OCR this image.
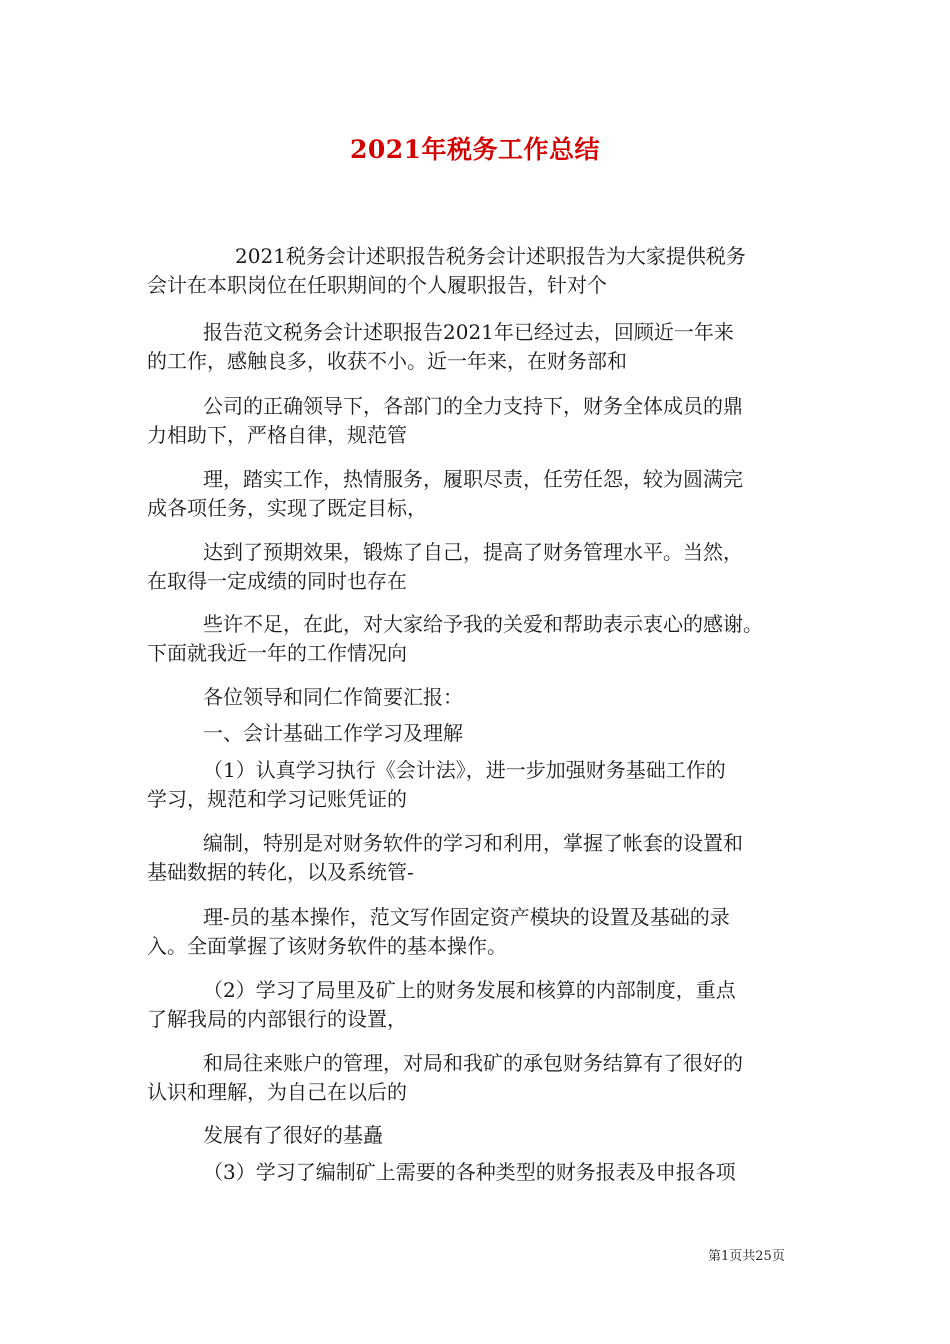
2021年税务工作总结
2021税务会计述职报告税务会计述职报告为大家提供税务
会计在本职岗位在任职期间的个人履职报告，针对个
报告范文税务会计述职报告2021年已经过去，回顾近一年来
的工作，感触良多，收获不小。近一年来，在财务部和
公司的正确领导下，各部门的全力支持下，财务全体成员的鼎
力相助下，严格自律，规范管
理，踏实工作，热情服务，履职尽责，任劳任怨，较为圆满完
成各项任务，实现了既定目标，
达到了预期效果，锻炼了自己，提高了财务管理水平。当然，
在取得一定成绩的同时也存在
些许不足，在此，对大家给予我的关爱和帮助表示衷心的感谢。
下面就我近一年的工作情况向
各位领导和同仁作简要汇报：
一、会计基础工作学习及理解
（1）认真学习执行《会计法》，进一步加强财务基础工作的
学习，规范和学习记账凭证的
编制，特别是对财务软件的学习和利用，掌握了帐套的设置和
基础数据的转化，以及系统管-
理-员的基本操作，范文写作固定资产模块的设置及基础的录
入。全面掌握了该财务软件的基本操作。
（2）学习了局里及矿上的财务发展和核算的内部制度，重点
了解我局的内部银行的设置，
和局往来账户的管理，对局和我矿的承包财务结算有了很好的
认识和理解，为自己在以后的
发展有了很好的基矗
（3）学习了编制矿上需要的各种类型的财务报表及申报各项
第1页共25页
